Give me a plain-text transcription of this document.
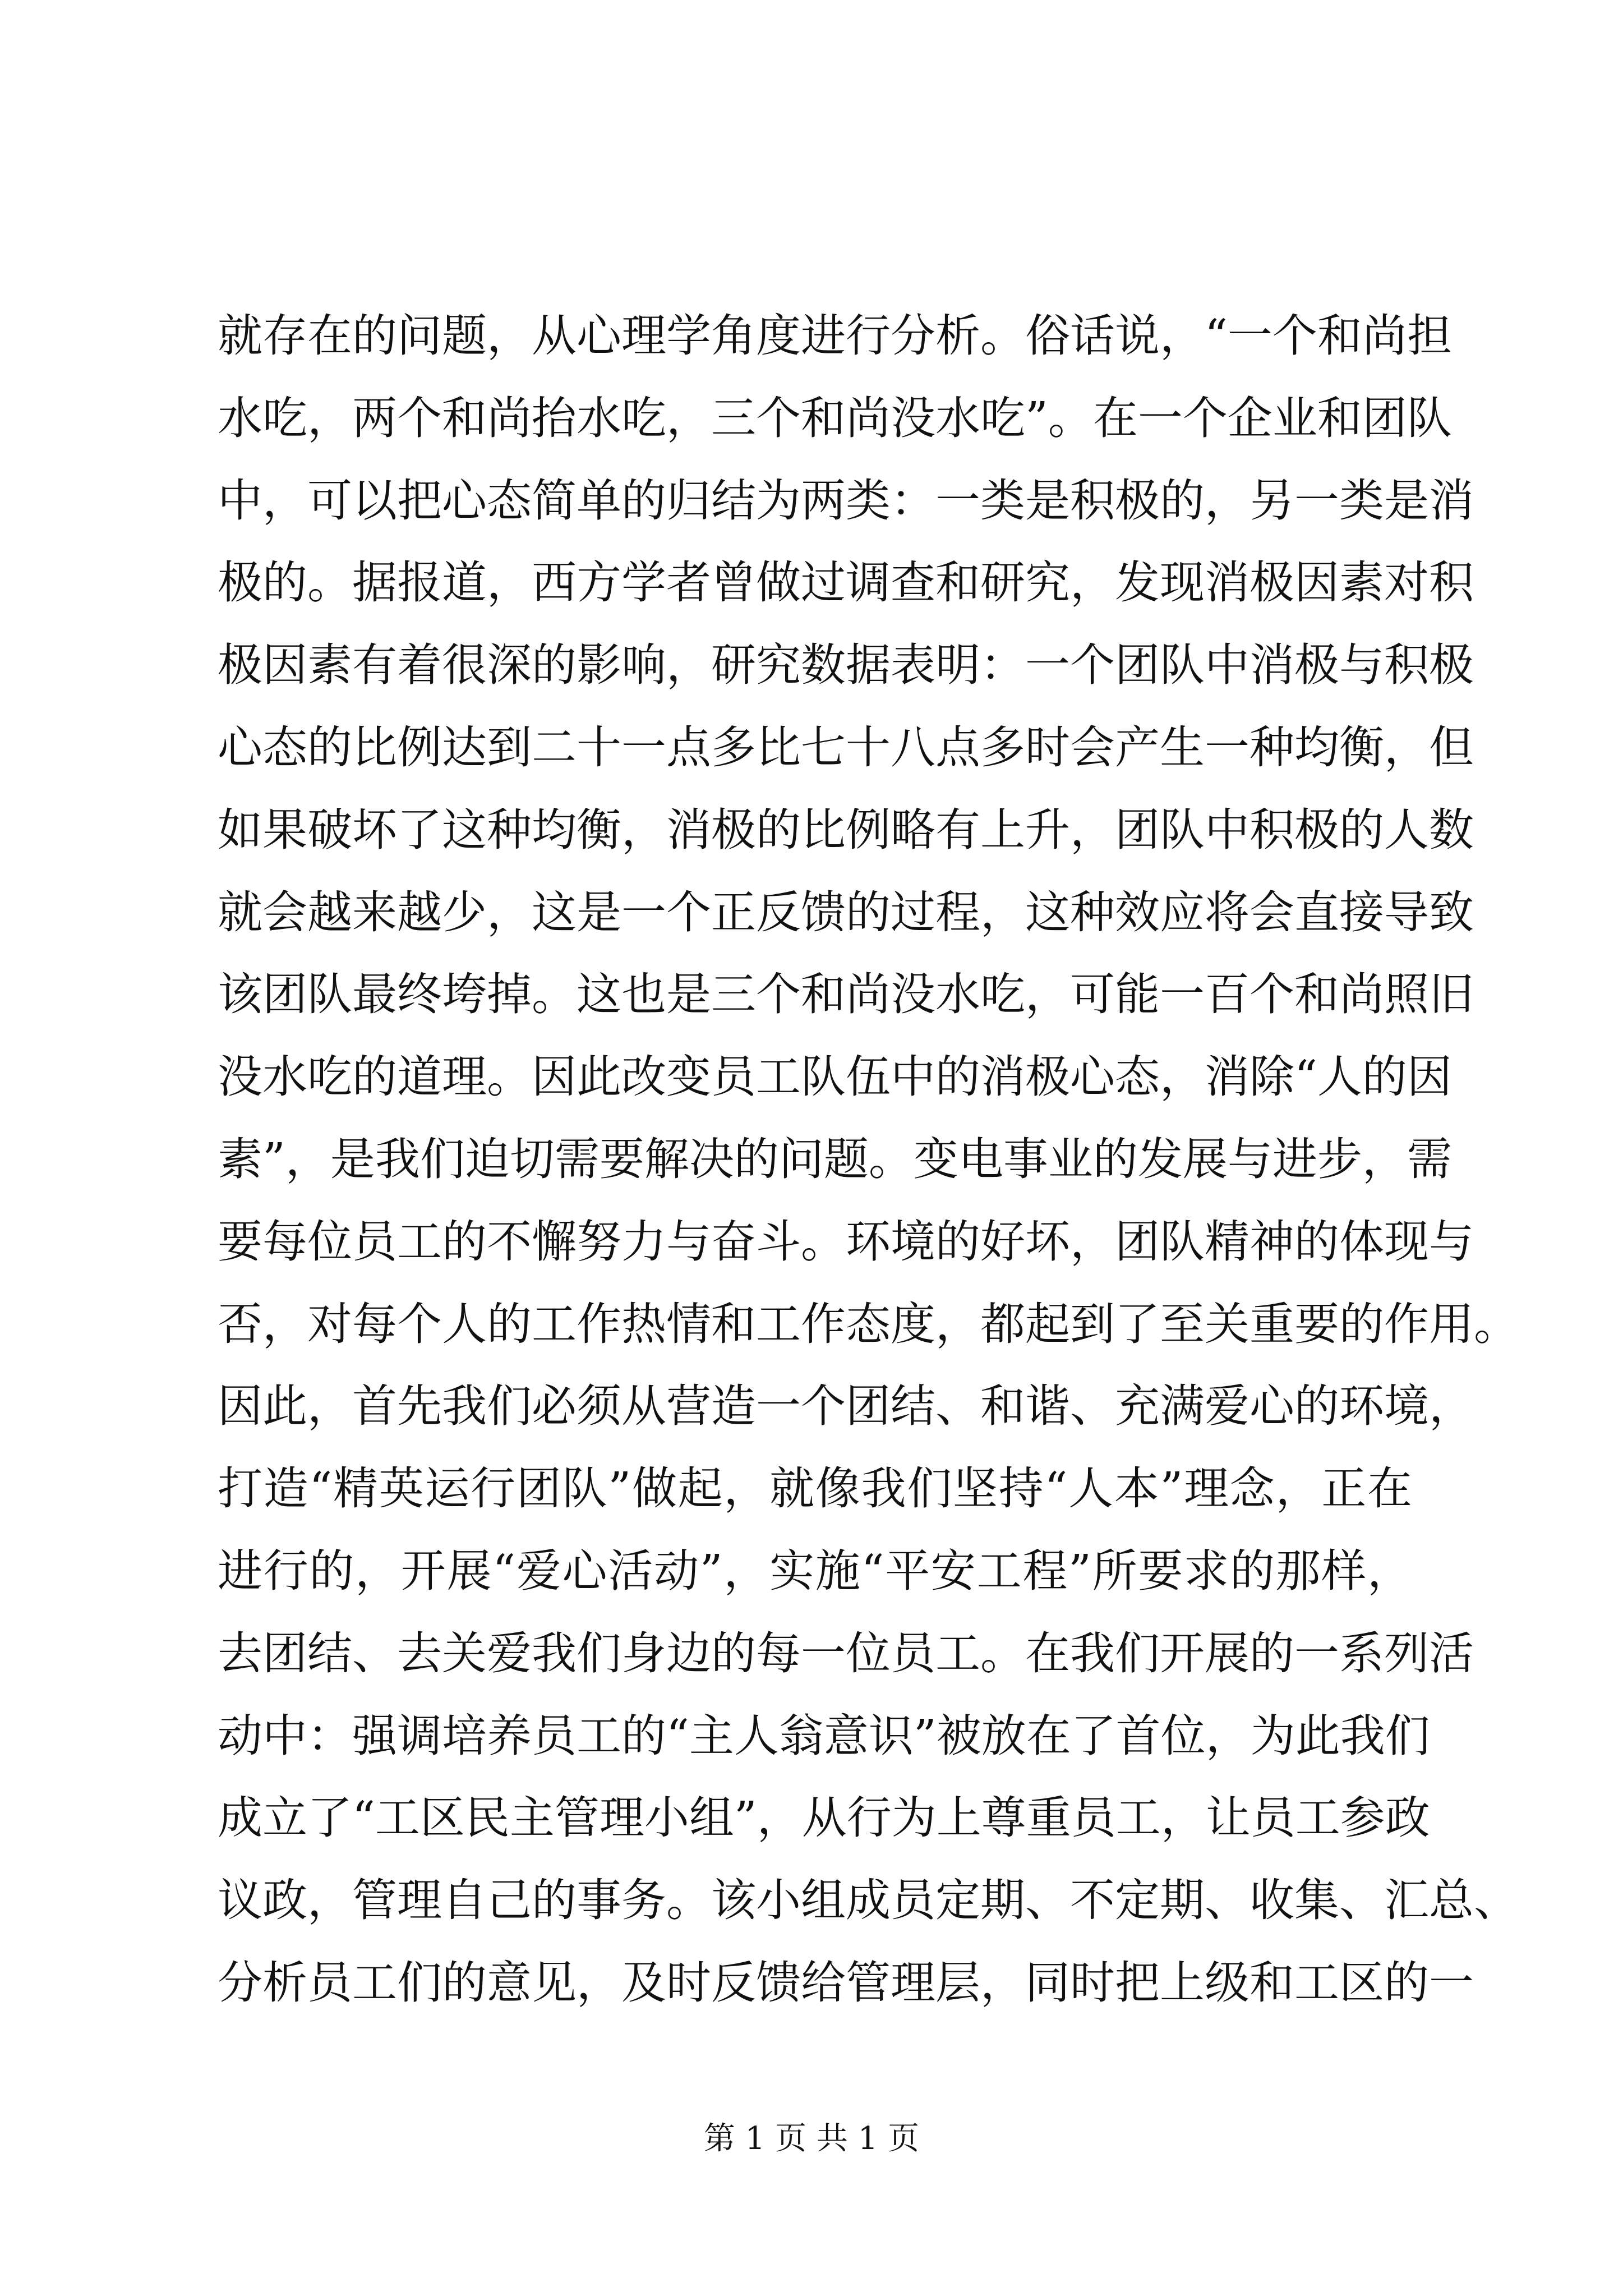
就存在的问题，从心理学角度进行分析。俗话说，“一个和尚担
水吃，两个和尚抬水吃，三个和尚没水吃”。在一个企业和团队
中，可以把心态简单的归结为两类：一类是积极的，另一类是消
极的。据报道，西方学者曾做过调查和研究，发现消极因素对积
极因素有着很深的影响，研究数据表明：一个团队中消极与积极
心态的比例达到二十一点多比七十八点多时会产生一种均衡，但
如果破坏了这种均衡，消极的比例略有上升，团队中积极的人数
就会越来越少，这是一个正反馈的过程，这种效应将会直接导致
该团队最终垮掉。这也是三个和尚没水吃，可能一百个和尚照旧
没水吃的道理。因此改变员工队伍中的消极心态，消除“人的因
素”，是我们迫切需要解决的问题。变电事业的发展与进步，需
要每位员工的不懈努力与奋斗。环境的好坏，团队精神的体现与
否，对每个人的工作热情和工作态度，都起到了至关重要的作用。
因此，首先我们必须从营造一个团结、和谐、充满爱心的环境，
打造“精英运行团队”做起，就像我们坚持“人本”理念，正在
进行的，开展“爱心活动”，实施“平安工程”所要求的那样，
去团结、去关爱我们身边的每一位员工。在我们开展的一系列活
动中：强调培养员工的“主人翁意识”被放在了首位，为此我们
成立了“工区民主管理小组”，从行为上尊重员工，让员工参政
议政，管理自己的事务。该小组成员定期、不定期、收集、汇总、
分析员工们的意见，及时反馈给管理层，同时把上级和工区的一
第 1 页 共 1 页
